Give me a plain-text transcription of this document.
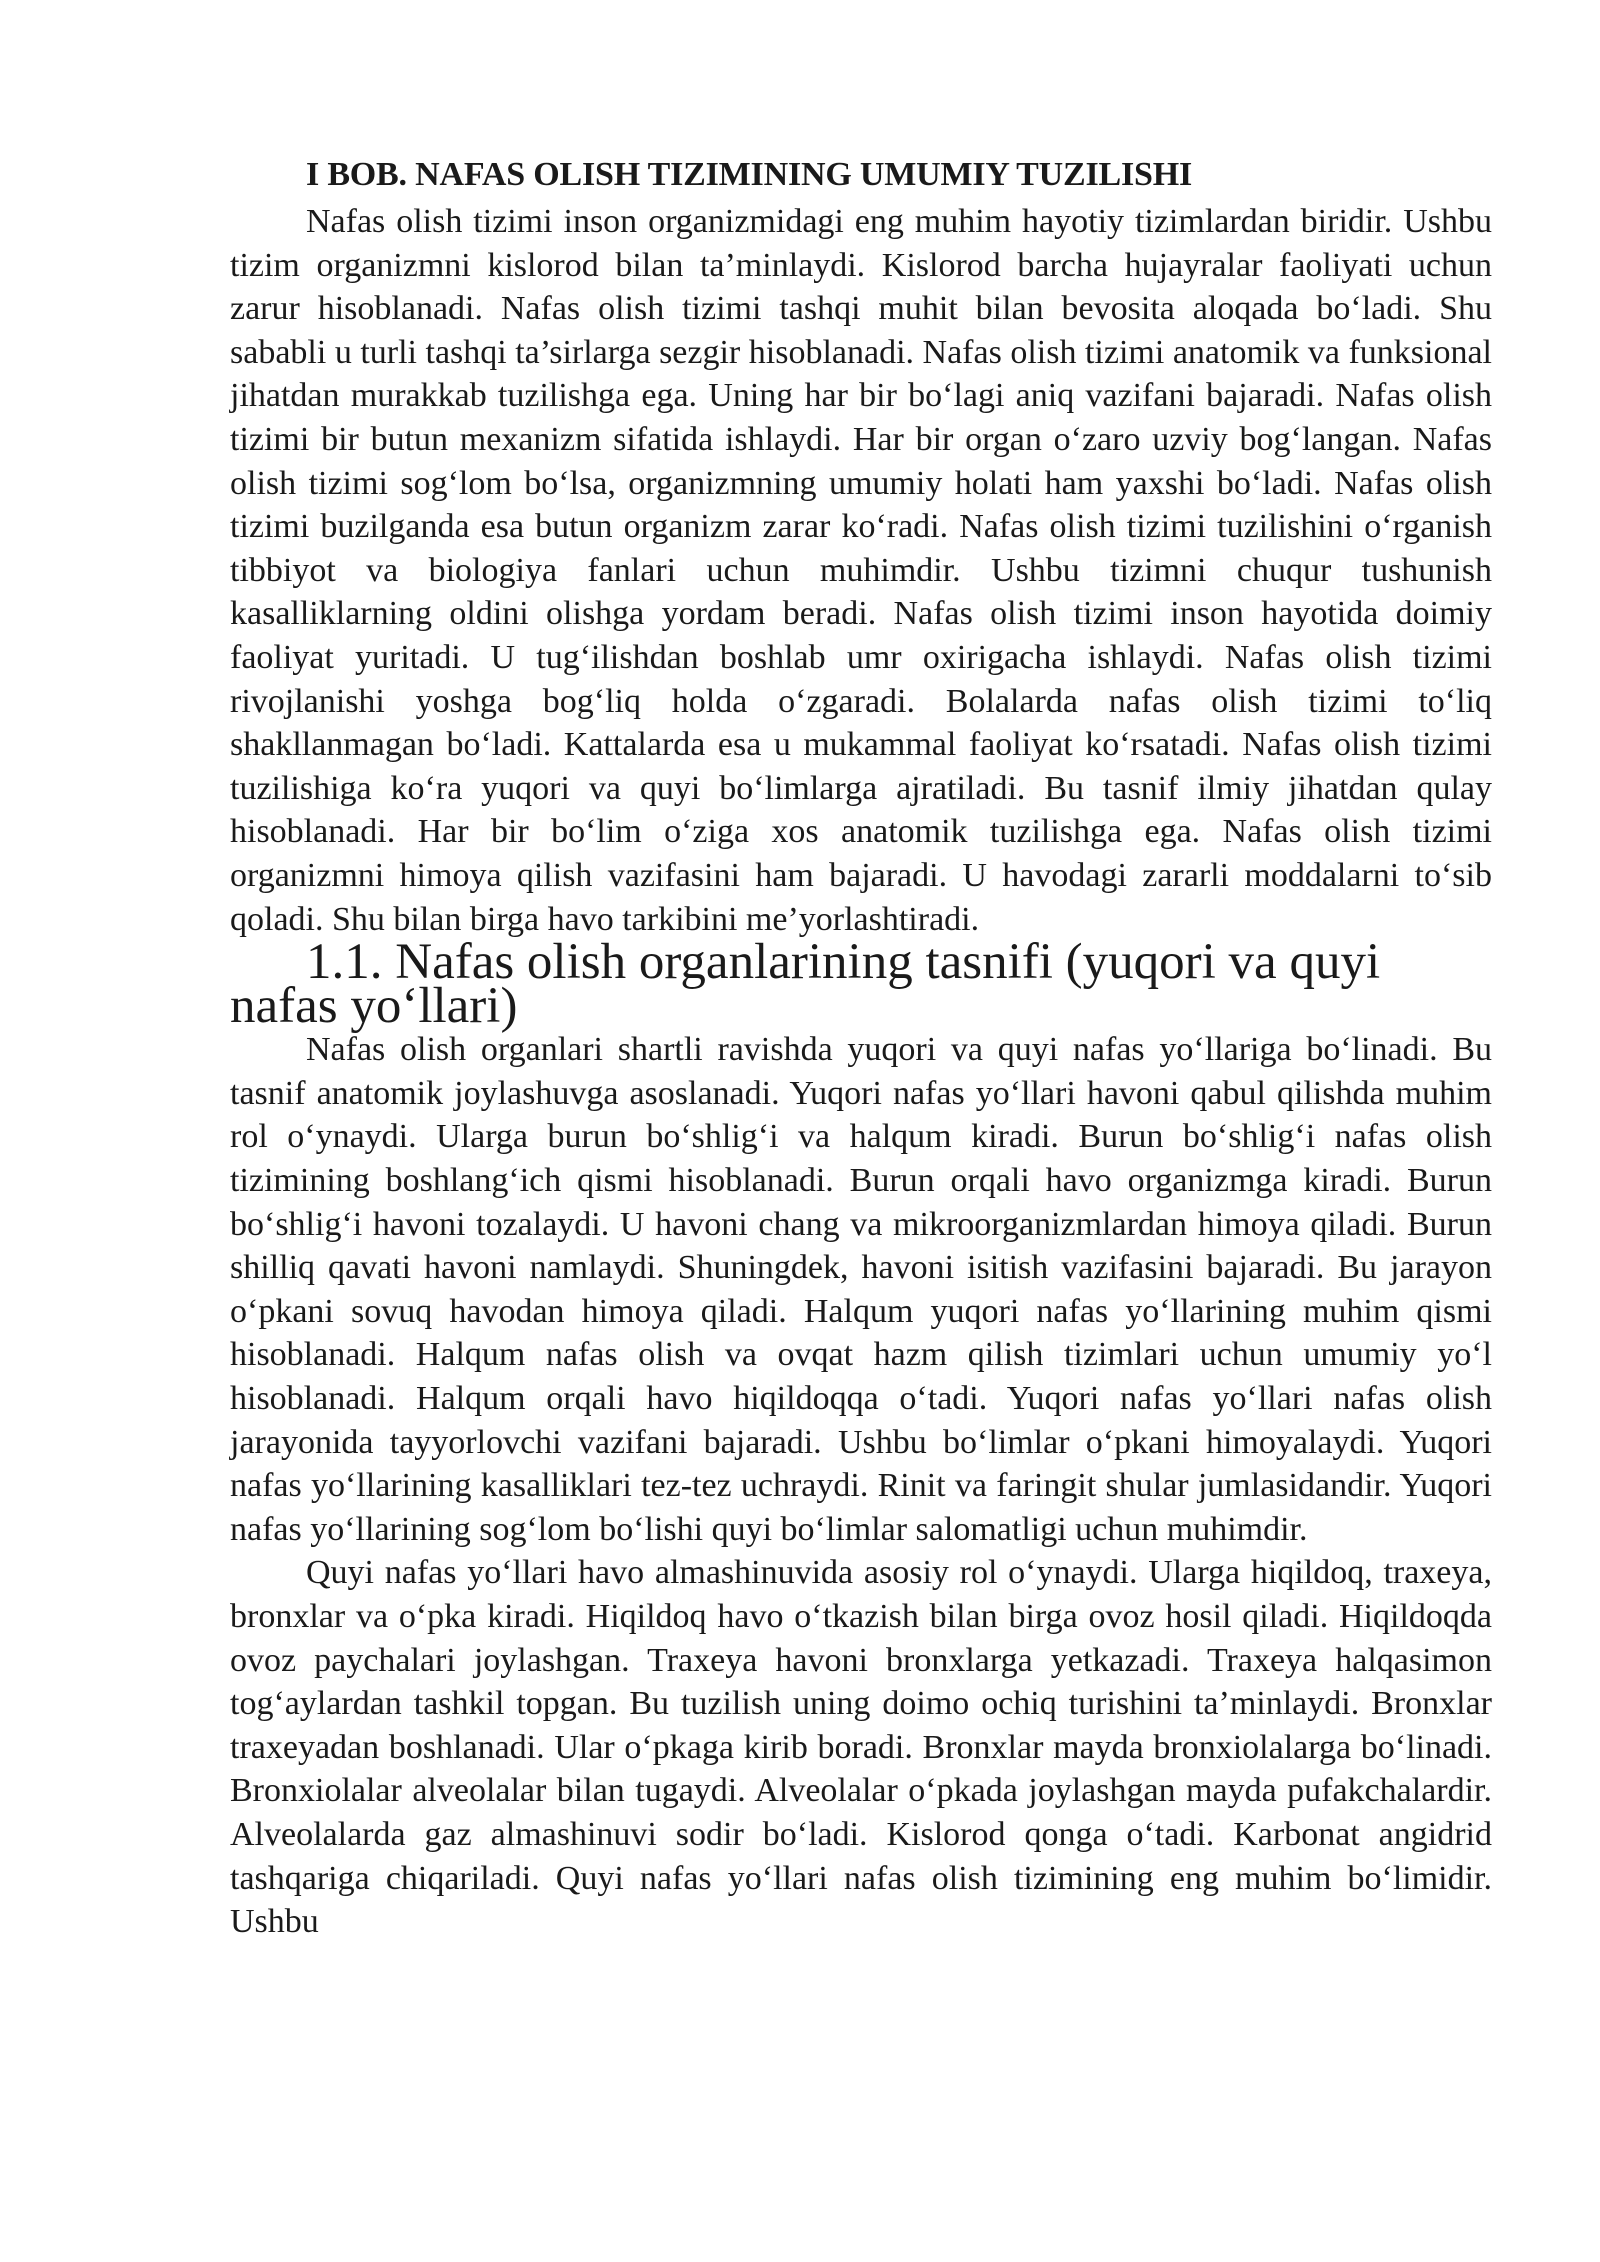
I BOB. NAFAS OLISH TIZIMINING UMUMIY TUZILISHI

Nafas olish tizimi inson organizmidagi eng muhim hayotiy tizimlardan biridir. Ushbu tizim organizmni kislorod bilan ta’minlaydi. Kislorod barcha hujayralar faoliyati uchun zarur hisoblanadi. Nafas olish tizimi tashqi muhit bilan bevosita aloqada bo‘ladi. Shu sababli u turli tashqi ta’sirlarga sezgir hisoblanadi. Nafas olish tizimi anatomik va funksional jihatdan murakkab tuzilishga ega. Uning har bir bo‘lagi aniq vazifani bajaradi. Nafas olish tizimi bir butun mexanizm sifatida ishlaydi. Har bir organ o‘zaro uzviy bog‘langan. Nafas olish tizimi sog‘lom bo‘lsa, organizmning umumiy holati ham yaxshi bo‘ladi. Nafas olish tizimi buzilganda esa butun organizm zarar ko‘radi. Nafas olish tizimi tuzilishini o‘rganish tibbiyot va biologiya fanlari uchun muhimdir. Ushbu tizimni chuqur tushunish kasalliklarning oldini olishga yordam beradi. Nafas olish tizimi inson hayotida doimiy faoliyat yuritadi. U tug‘ilishdan boshlab umr oxirigacha ishlaydi. Nafas olish tizimi rivojlanishi yoshga bog‘liq holda o‘zgaradi. Bolalarda nafas olish tizimi to‘liq shakllanmagan bo‘ladi. Kattalarda esa u mukammal faoliyat ko‘rsatadi. Nafas olish tizimi tuzilishiga ko‘ra yuqori va quyi bo‘limlarga ajratiladi. Bu tasnif ilmiy jihatdan qulay hisoblanadi. Har bir bo‘lim o‘ziga xos anatomik tuzilishga ega. Nafas olish tizimi organizmni himoya qilish vazifasini ham bajaradi. U havodagi zararli moddalarni to‘sib qoladi. Shu bilan birga havo tarkibini me’yorlashtiradi.

1.1. Nafas olish organlarining tasnifi (yuqori va quyi nafas yo‘llari)

Nafas olish organlari shartli ravishda yuqori va quyi nafas yo‘llariga bo‘linadi. Bu tasnif anatomik joylashuvga asoslanadi. Yuqori nafas yo‘llari havoni qabul qilishda muhim rol o‘ynaydi. Ularga burun bo‘shlig‘i va halqum kiradi. Burun bo‘shlig‘i nafas olish tizimining boshlang‘ich qismi hisoblanadi. Burun orqali havo organizmga kiradi. Burun bo‘shlig‘i havoni tozalaydi. U havoni chang va mikroorganizmlardan himoya qiladi. Burun shilliq qavati havoni namlaydi. Shuningdek, havoni isitish vazifasini bajaradi. Bu jarayon o‘pkani sovuq havodan himoya qiladi. Halqum yuqori nafas yo‘llarining muhim qismi hisoblanadi. Halqum nafas olish va ovqat hazm qilish tizimlari uchun umumiy yo‘l hisoblanadi. Halqum orqali havo hiqildoqqa o‘tadi. Yuqori nafas yo‘llari nafas olish jarayonida tayyorlovchi vazifani bajaradi. Ushbu bo‘limlar o‘pkani himoyalaydi. Yuqori nafas yo‘llarining kasalliklari tez-tez uchraydi. Rinit va faringit shular jumlasidandir. Yuqori nafas yo‘llarining sog‘lom bo‘lishi quyi bo‘limlar salomatligi uchun muhimdir.

Quyi nafas yo‘llari havo almashinuvida asosiy rol o‘ynaydi. Ularga hiqildoq, traxeya, bronxlar va o‘pka kiradi. Hiqildoq havo o‘tkazish bilan birga ovoz hosil qiladi. Hiqildoqda ovoz paychalari joylashgan. Traxeya havoni bronxlarga yetkazadi. Traxeya halqasimon tog‘aylardan tashkil topgan. Bu tuzilish uning doimo ochiq turishini ta’minlaydi. Bronxlar traxeyadan boshlanadi. Ular o‘pkaga kirib boradi. Bronxlar mayda bronxiolalarga bo‘linadi. Bronxiolalar alveolalar bilan tugaydi. Alveolalar o‘pkada joylashgan mayda pufakchalardir. Alveolalarda gaz almashinuvi sodir bo‘ladi. Kislorod qonga o‘tadi. Karbonat angidrid tashqariga chiqariladi. Quyi nafas yo‘llari nafas olish tizimining eng muhim bo‘limidir. Ushbu
